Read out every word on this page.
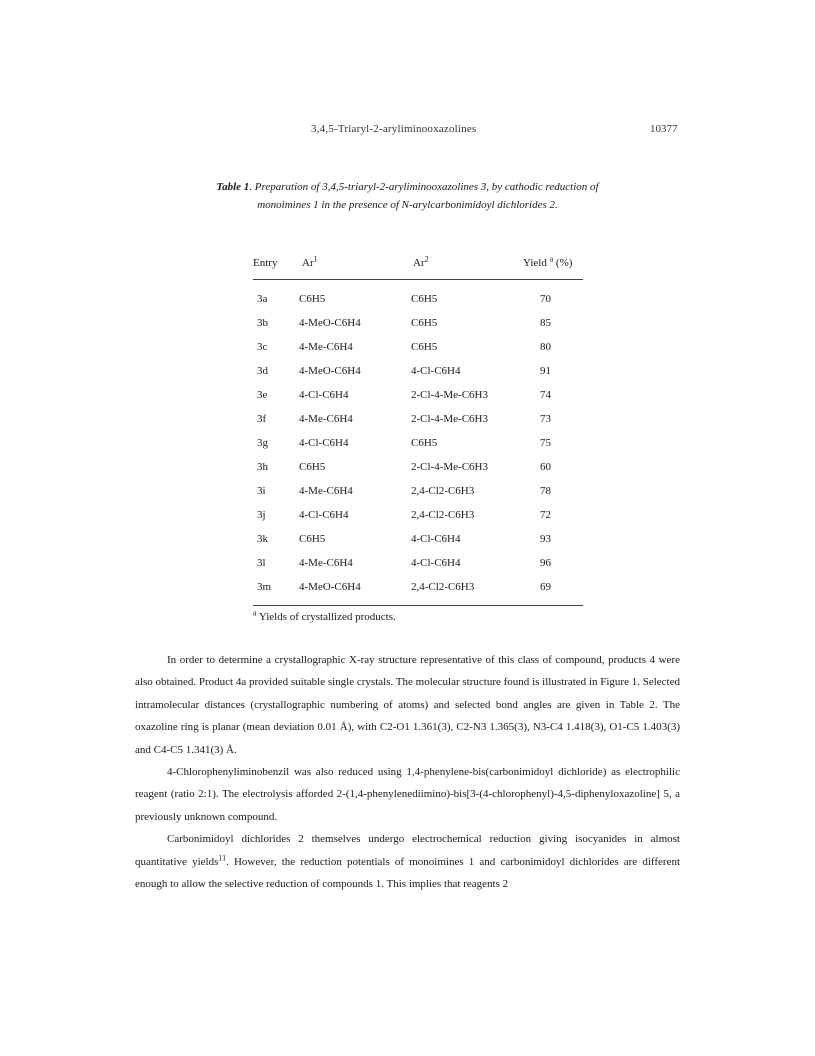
3,4,5-Triaryl-2-aryliminooxazolines	10377
Table 1. Preparation of 3,4,5-triaryl-2-aryliminooxazolines 3, by cathodic reduction of monoimines 1 in the presence of N-arylcarbonimidoyl dichlorides 2.
Entry Ar$^1$	Ar$^2$	Yield $^a$ (%)
3a	C6H5	C6H5	70
3b	4-MeO-C6H4	C6H5	85
3c	4-Me-C6H4	C6H5	80
3d	4-MeO-C6H4	4-Cl-C6H4	91
3e	4-Cl-C6H4	2-Cl-4-Me-C6H3	74
3f	4-Me-C6H4	2-Cl-4-Me-C6H3	73
3g	4-Cl-C6H4	C6H5	75
3h	C6H5	2-Cl-4-Me-C6H3	60
3i	4-Me-C6H4	2,4-Cl2-C6H3	78
3j	4-Cl-C6H4	2,4-Cl2-C6H3	72
3k	C6H5	4-Cl-C6H4	93
3l	4-Me-C6H4	4-Cl-C6H4	96
3m	4-MeO-C6H4	2,4-Cl2-C6H3	69
$^a$ Yields of crystallized products.

In order to determine a crystallographic X-ray structure representative of this class of compound, products 4 were also obtained. Product 4a provided suitable single crystals. The molecular structure found is illustrated in Figure 1. Selected intramolecular distances (crystallographic numbering of atoms) and selected bond angles are given in Table 2. The oxazoline ring is planar (mean deviation 0.01 Å), with C2-O1 1.361(3), C2-N3 1.365(3), N3-C4 1.418(3), O1-C5 1.403(3) and C4-C5 1.341(3) Å.

4-Chlorophenyliminobenzil was also reduced using 1,4-phenylene-bis(carbonimidoyl dichloride) as electrophilic reagent (ratio 2:1). The electrolysis afforded 2-(1,4-phenylenediimino)-bis[3-(4-chlorophenyl)-4,5-diphenyloxazoline] 5, a previously unknown compound.

Carbonimidoyl dichlorides 2 themselves undergo electrochemical reduction giving isocyanides in almost quantitative yields$^{11}$. However, the reduction potentials of monoimines 1 and carbonimidoyl dichlorides are different enough to allow the selective reduction of compounds 1. This implies that reagents 2
